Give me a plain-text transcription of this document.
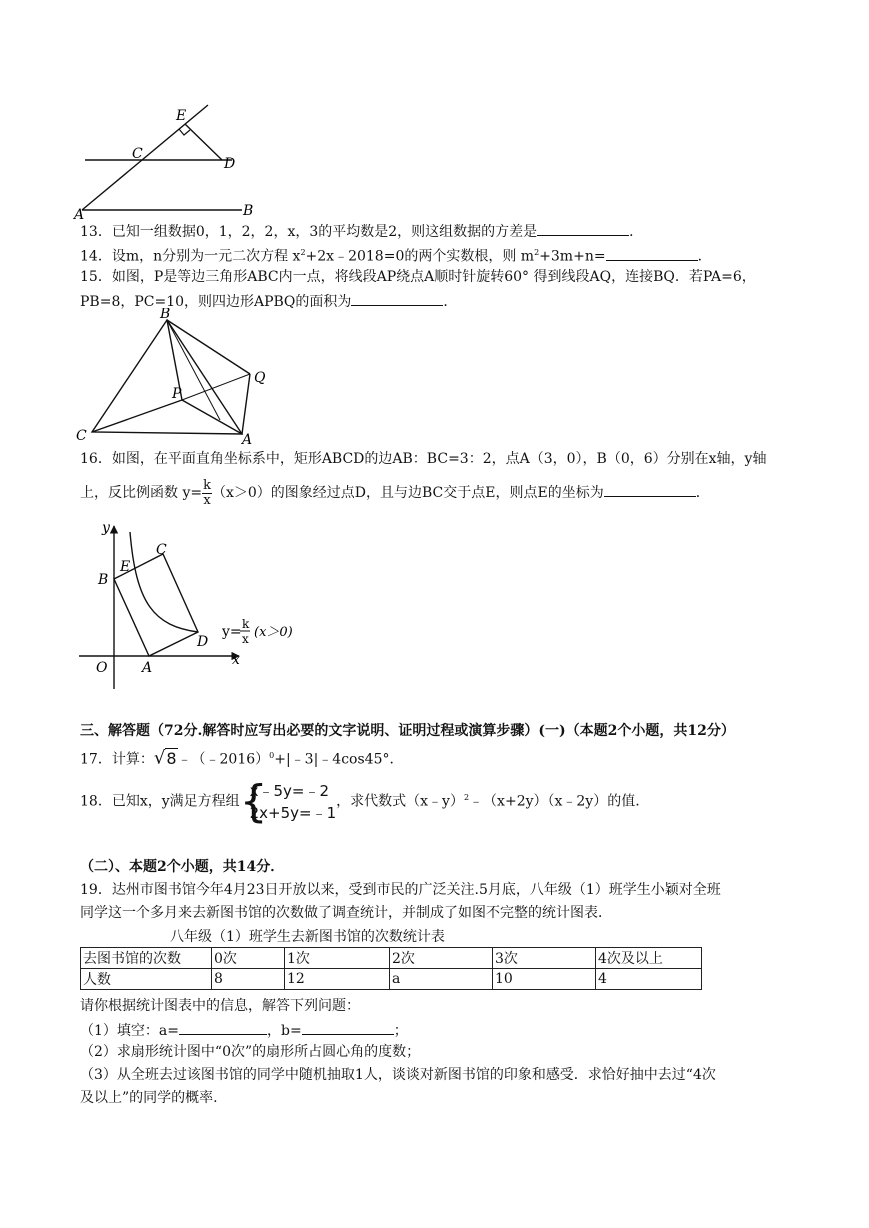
E
C
D
A	B
13．已知一组数据0，1，2，2，x，3的平均数是2，则这组数据的方差是	．
14．设m，n分别为一元二次方程 $x^2+2x﹣2018=0$的两个实数根，则 $m^2+3m+n=$	．
15．如图，P是等边三角形ABC内一点，将线段AP绕点A顺时针旋转60° 得到线段AQ，连接BQ．若PA=6，
PB=8，PC=10，则四边形APBQ的面积为	．
B
Q
P
C	A
16．如图，在平面直角坐标系中，矩形ABCD的边AB：BC=3：2，点A（3，0），B（0，6）分别在x轴，y轴
上，反比例函数 $y= \frac{k}{x} (x>0)$的图象经过点D，且与边BC交于点E，则点E的坐标为	．
y
x
O A
B
C
D
E
y= k
x (x＞0)
三、解答题（72分.解答时应写出必要的文字说明、证明过程或演算步骤）(一)（本题2个小题，共12分）
17．计算：√8﹣（﹣2016）$^0$+|﹣3|﹣4cos45°．
18．已知x，y满足方程组 {
x﹣5y=﹣2
2x+5y=﹣1
，求代数式（x﹣y）$^2$﹣（x+2y）（x﹣2y）的值.
（二）、本题2个小题，共14分．
19．达州市图书馆今年4月23日开放以来，受到市民的广泛关注.5月底，八年级（1）班学生小颖对全班
同学这一个多月来去新图书馆的次数做了调查统计，并制成了如图不完整的统计图表．
八年级（1）班学生去新图书馆的次数统计表
去图书馆的次数	0次	1次	2次	3次	4次及以上
人数	8	12	a	10	4
请你根据统计图表中的信息，解答下列问题：
（1）填空：a=	，b=	；
（2）求扇形统计图中“0次”的扇形所占圆心角的度数；
（3）从全班去过该图书馆的同学中随机抽取1人，谈谈对新图书馆的印象和感受．求恰好抽中去过“4次
及以上”的同学的概率.
